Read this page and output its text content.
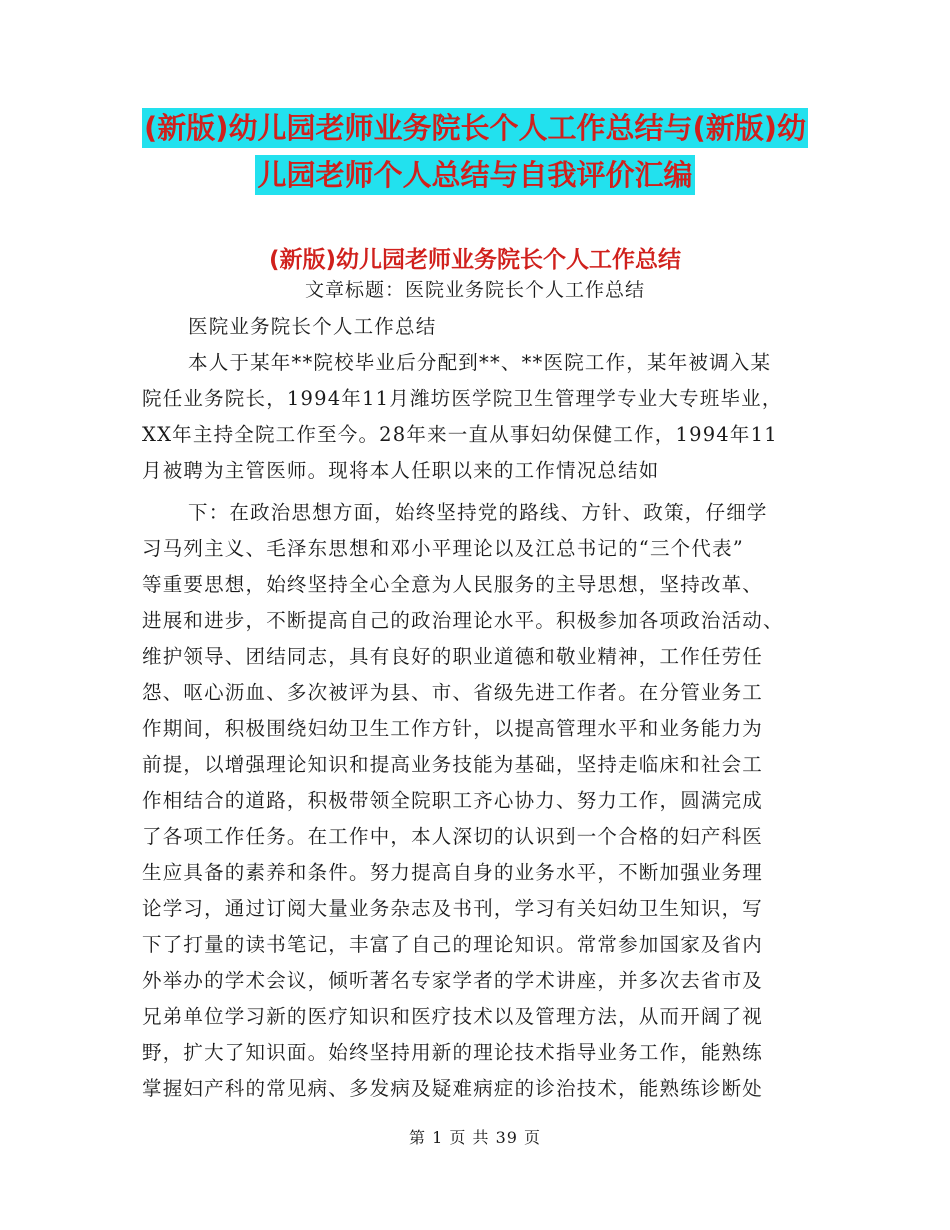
(新版)幼儿园老师业务院长个人工作总结与(新版)幼
儿园老师个人总结与自我评价汇编
(新版)幼儿园老师业务院长个人工作总结
文章标题：医院业务院长个人工作总结
医院业务院长个人工作总结
本人于某年**院校毕业后分配到**、**医院工作，某年被调入某
院任业务院长，1994年11月潍坊医学院卫生管理学专业大专班毕业，
XX年主持全院工作至今。28年来一直从事妇幼保健工作，1994年11
月被聘为主管医师。现将本人任职以来的工作情况总结如
下：在政治思想方面，始终坚持党的路线、方针、政策，仔细学
习马列主义、毛泽东思想和邓小平理论以及江总书记的“三个代表”
等重要思想，始终坚持全心全意为人民服务的主导思想，坚持改革、
进展和进步，不断提高自己的政治理论水平。积极参加各项政治活动、
维护领导、团结同志，具有良好的职业道德和敬业精神，工作任劳任
怨、呕心沥血、多次被评为县、市、省级先进工作者。在分管业务工
作期间，积极围绕妇幼卫生工作方针，以提高管理水平和业务能力为
前提，以增强理论知识和提高业务技能为基础，坚持走临床和社会工
作相结合的道路，积极带领全院职工齐心协力、努力工作，圆满完成
了各项工作任务。在工作中，本人深切的认识到一个合格的妇产科医
生应具备的素养和条件。努力提高自身的业务水平，不断加强业务理
论学习，通过订阅大量业务杂志及书刊，学习有关妇幼卫生知识，写
下了打量的读书笔记，丰富了自己的理论知识。常常参加国家及省内
外举办的学术会议，倾听著名专家学者的学术讲座，并多次去省市及
兄弟单位学习新的医疗知识和医疗技术以及管理方法，从而开阔了视
野，扩大了知识面。始终坚持用新的理论技术指导业务工作，能熟练
掌握妇产科的常见病、多发病及疑难病症的诊治技术，能熟练诊断处
第 1 页 共 39 页
